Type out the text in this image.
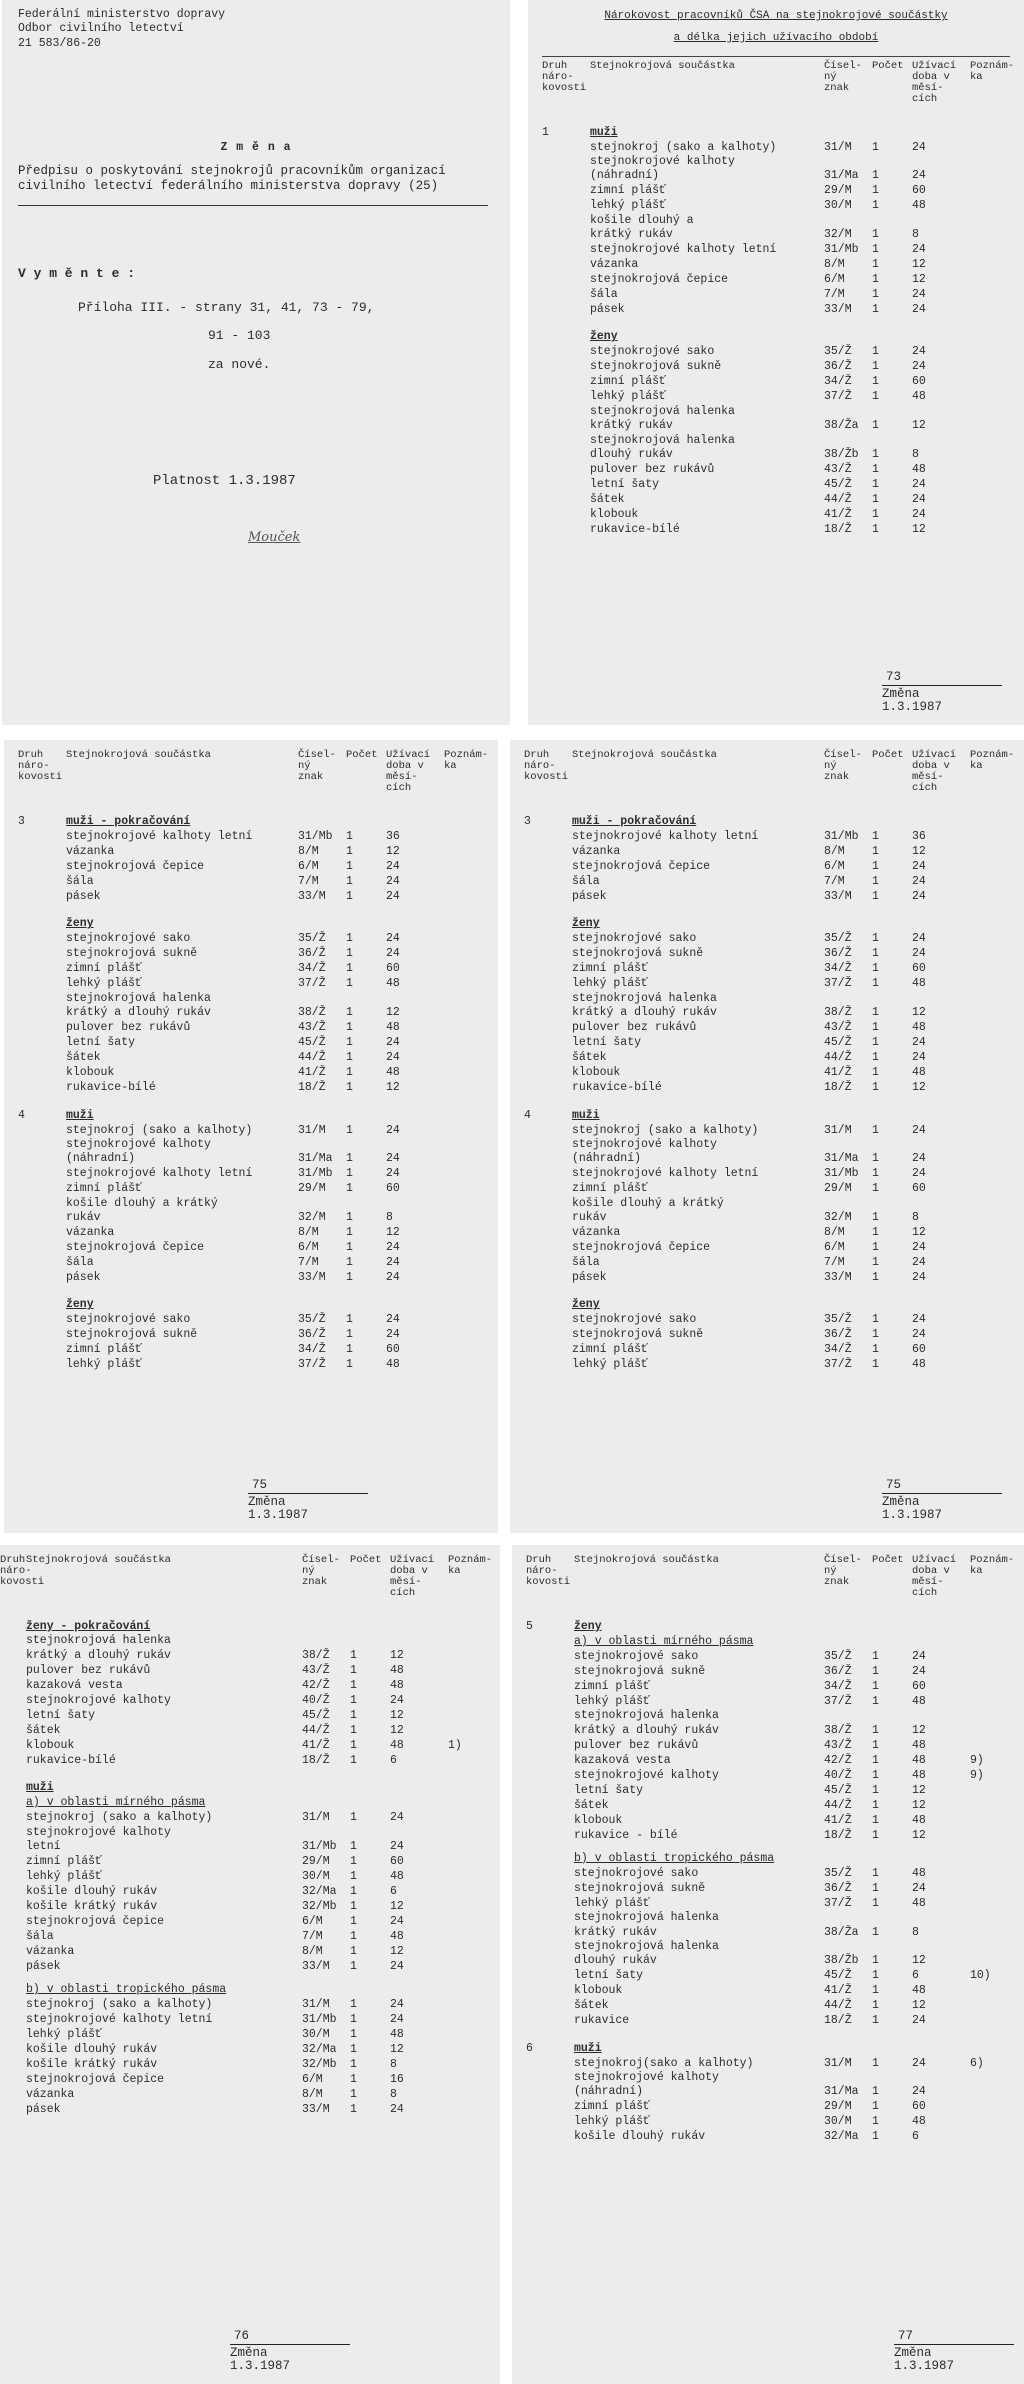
Federální ministerstvo dopravy
Odbor civilního letectví
21 583/86-20
Z m ě n a
Předpisu o poskytování stejnokrojů pracovníkům organizací civilního letectví federálního ministerstva dopravy (25)
V y m ě n t e :
Příloha III. - strany 31, 41, 73 - 79,
91 - 103
za nové.
Platnost 1.3.1987
Mouček
Nárokovost pracovníků ČSA na stejnokrojové součástky
a délka jejich užívacího období
Druh
náro-
kovosti
Stejnokrojová součástka	Čísel-
ný
znak
Počet Užívací
doba v
měsí-
cích
Poznám-
ka
1	muži
stejnokroj (sako a kalhoty)	31/M	1	24
stejnokrojové kalhoty
(náhradní)	31/Ma	1	24
zimní plášť	29/M	1	60
lehký plášť	30/M	1	48
košile dlouhý a
krátký rukáv	32/M	1	8
stejnokrojové kalhoty letní	31/Mb	1	24
vázanka	8/M	1	12
stejnokrojová čepice	6/M	1	12
šála	7/M	1	24
pásek	33/M	1	24
ženy
stejnokrojové sako	35/Ž	1	24
stejnokrojová sukně	36/Ž	1	24
zimní plášť	34/Ž	1	60
lehký plášť	37/Ž	1	48
stejnokrojová halenka
krátký rukáv	38/Ža	1	12
stejnokrojová halenka
dlouhý rukáv	38/Žb	1	8
pulover bez rukávů	43/Ž	1	48
letní šaty	45/Ž	1	24
šátek	44/Ž	1	24
klobouk	41/Ž	1	24
rukavice-bílé	18/Ž	1	12
73
Změna
1.3.1987
Druh
náro-
kovosti
Stejnokrojová součástka	Čísel-
ný
znak
Počet Užívací
doba v
měsí-
cích
Poznám-
ka
3	muži - pokračování
stejnokrojové kalhoty letní	31/Mb	1	36
vázanka	8/M	1	12
stejnokrojová čepice	6/M	1	24
šála	7/M	1	24
pásek	33/M	1	24
ženy
stejnokrojové sako	35/Ž	1	24
stejnokrojová sukně	36/Ž	1	24
zimní plášť	34/Ž	1	60
lehký plášť	37/Ž	1	48
stejnokrojová halenka
krátký a dlouhý rukáv	38/Ž	1	12
pulover bez rukávů	43/Ž	1	48
letní šaty	45/Ž	1	24
šátek	44/Ž	1	24
klobouk	41/Ž	1	48
rukavice-bílé	18/Ž	1	12
4	muži
stejnokroj (sako a kalhoty)	31/M	1	24
stejnokrojové kalhoty
(náhradní)	31/Ma	1	24
stejnokrojové kalhoty letní	31/Mb	1	24
zimní plášť	29/M	1	60
košile dlouhý a krátký
rukáv	32/M	1	8
vázanka	8/M	1	12
stejnokrojová čepice	6/M	1	24
šála	7/M	1	24
pásek	33/M	1	24
ženy
stejnokrojové sako	35/Ž	1	24
stejnokrojová sukně	36/Ž	1	24
zimní plášť	34/Ž	1	60
lehký plášť	37/Ž	1	48
75
Změna
1.3.1987
Druh
náro-
kovosti
Stejnokrojová součástka	Čísel-
ný
znak
Počet Užívací
doba v
měsí-
cích
Poznám-
ka
3	muži - pokračování
stejnokrojové kalhoty letní	31/Mb	1	36
vázanka	8/M	1	12
stejnokrojová čepice	6/M	1	24
šála	7/M	1	24
pásek	33/M	1	24
ženy
stejnokrojové sako	35/Ž	1	24
stejnokrojová sukně	36/Ž	1	24
zimní plášť	34/Ž	1	60
lehký plášť	37/Ž	1	48
stejnokrojová halenka
krátký a dlouhý rukáv	38/Ž	1	12
pulover bez rukávů	43/Ž	1	48
letní šaty	45/Ž	1	24
šátek	44/Ž	1	24
klobouk	41/Ž	1	48
rukavice-bílé	18/Ž	1	12
4	muži
stejnokroj (sako a kalhoty)	31/M	1	24
stejnokrojové kalhoty
(náhradní)	31/Ma	1	24
stejnokrojové kalhoty letní	31/Mb	1	24
zimní plášť	29/M	1	60
košile dlouhý a krátký
rukáv	32/M	1	8
vázanka	8/M	1	12
stejnokrojová čepice	6/M	1	24
šála	7/M	1	24
pásek	33/M	1	24
ženy
stejnokrojové sako	35/Ž	1	24
stejnokrojová sukně	36/Ž	1	24
zimní plášť	34/Ž	1	60
lehký plášť	37/Ž	1	48
75
Změna
1.3.1987
Druh
náro-
kovosti
Stejnokrojová součástka	Čísel-
ný
znak
Počet Užívací
doba v
měsí-
cích
Poznám-
ka
ženy - pokračování
stejnokrojová halenka
krátký a dlouhý rukáv	38/Ž	1	12
pulover bez rukávů	43/Ž	1	48
kazaková vesta	42/Ž	1	48
stejnokrojové kalhoty	40/Ž	1	24
letní šaty	45/Ž	1	12
šátek	44/Ž	1	12
klobouk	41/Ž	1	48	1)
rukavice-bílé	18/Ž	1	6
muži
a) v oblasti mírného pásma
stejnokroj (sako a kalhoty)	31/M	1	24
stejnokrojové kalhoty
letní	31/Mb	1	24
zimní plášť	29/M	1	60
lehký plášť	30/M	1	48
košile dlouhý rukáv	32/Ma	1	6
košile krátký rukáv	32/Mb	1	12
stejnokrojová čepice	6/M	1	24
šála	7/M	1	48
vázanka	8/M	1	12
pásek	33/M	1	24
b) v oblasti tropického pásma
stejnokroj (sako a kalhoty)	31/M	1	24
stejnokrojové kalhoty letní	31/Mb	1	24
lehký plášť	30/M	1	48
košile dlouhý rukáv	32/Ma	1	12
košile krátký rukáv	32/Mb	1	8
stejnokrojová čepice	6/M	1	16
vázanka	8/M	1	8
pásek	33/M	1	24
76
Změna
1.3.1987
Druh
náro-
kovosti
Stejnokrojová součástka	Čísel-
ný
znak
Počet Užívací
doba v
měsí-
cích
Poznám-
ka
5	ženy
a) v oblasti mírného pásma
stejnokrojové sako	35/Ž	1	24
stejnokrojová sukně	36/Ž	1	24
zimní plášť	34/Ž	1	60
lehký plášť	37/Ž	1	48
stejnokrojová halenka
krátký a dlouhý rukáv	38/Ž	1	12
pulover bez rukávů	43/Ž	1	48
kazaková vesta	42/Ž	1	48	9)
stejnokrojové kalhoty	40/Ž	1	48	9)
letní šaty	45/Ž	1	12
šátek	44/Ž	1	12
klobouk	41/Ž	1	48
rukavice - bílé	18/Ž	1	12
b) v oblasti tropického pásma
stejnokrojové sako	35/Ž	1	48
stejnokrojová sukně	36/Ž	1	24
lehký plášť	37/Ž	1	48
stejnokrojová halenka
krátký rukáv	38/Ža	1	8
stejnokrojová halenka
dlouhý rukáv	38/Žb	1	12
letní šaty	45/Ž	1	6	10)
klobouk	41/Ž	1	48
šátek	44/Ž	1	12
rukavice	18/Ž	1	24
6	muži
stejnokroj(sako a kalhoty)	31/M	1	24	6)
stejnokrojové kalhoty
(náhradní)	31/Ma	1	24
zimní plášť	29/M	1	60
lehký plášť	30/M	1	48
košile dlouhý rukáv	32/Ma	1	6
77
Změna
1.3.1987
